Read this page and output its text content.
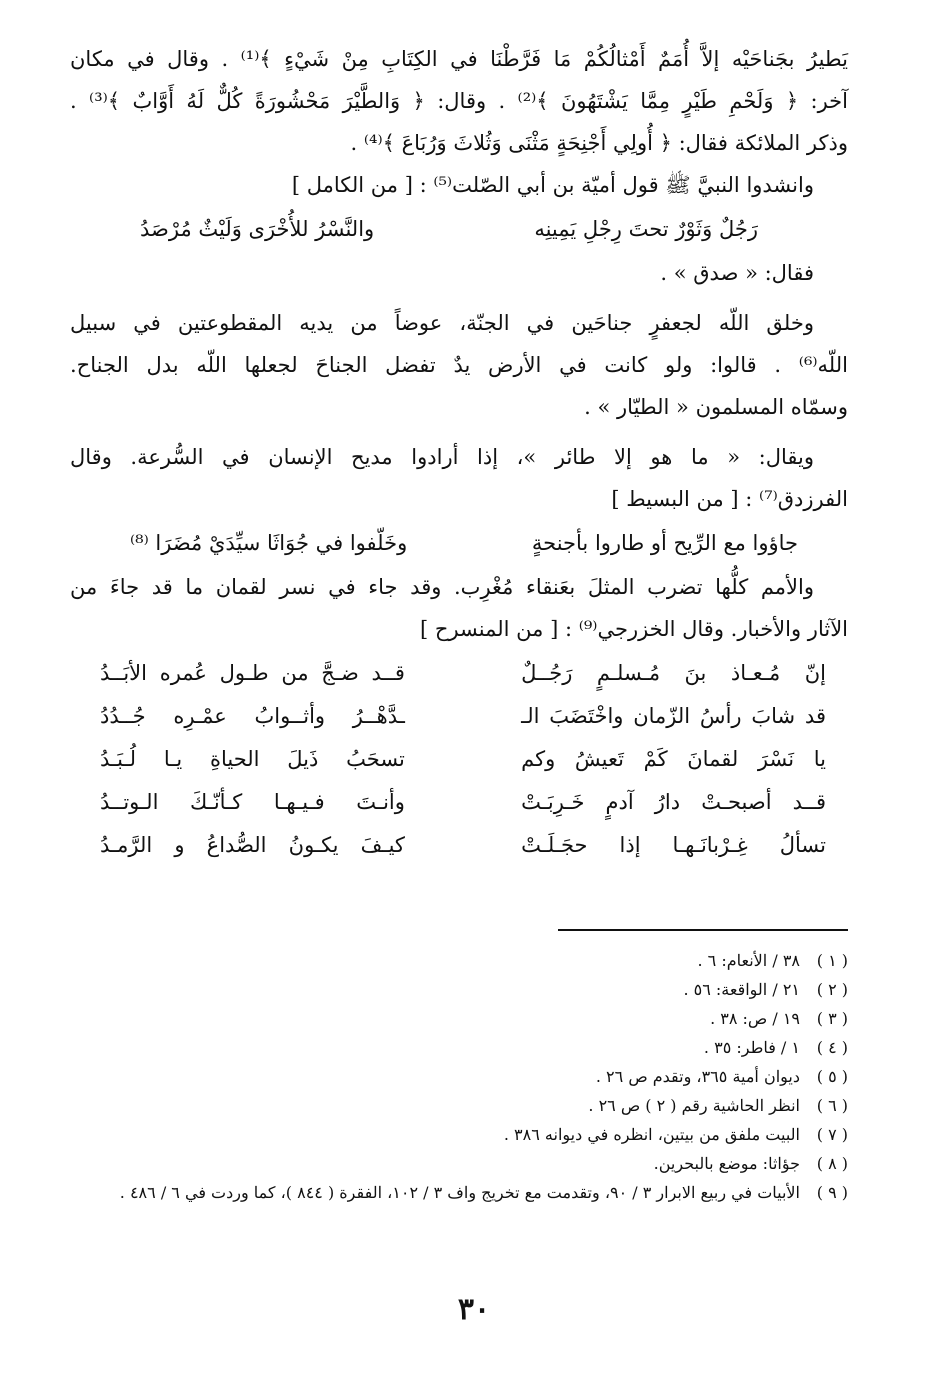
يَطيرُ بجَناحَيْه إلاَّ أُمَمٌ أَمْثالُكُمْ مَا فَرَّطْنَا في الكِتَابِ مِنْ شَيْءٍ ﴾⁽¹⁾ . وقال في مكان
آخر: ﴿ وَلَحْمِ طَيْرٍ مِمَّا يَشْتَهُونَ ﴾⁽²⁾ . وقال: ﴿ وَالطَّيْرَ مَحْشُورَةً كُلٌّ لَهُ أَوَّابٌ ﴾⁽³⁾ .
وذكر الملائكة فقال: ﴿ أُولِي أَجْنِحَةٍ مَثْنَى وَثُلاثَ وَرُبَاعَ ﴾⁽⁴⁾ .
وانشدوا النبيَّ ﷺ قول أميّة بن أبي الصّلت⁽⁵⁾ : [ من الكامل ]
رَجُلٌ وَثَوْرٌ تحتَ رِجْلِ يَمِينِه
والنَّسْرُ للأُخْرَى وَلَيْثٌ مُرْصَدُ
فقال: « صدق » .
وخلق اللّه لجعفرٍ جناحَين في الجنّة، عوضاً من يديه المقطوعتين في سبيل
اللّه⁽⁶⁾ . قالوا: ولو كانت في الأرض يدٌ تفضل الجناحَ لجعلها اللّه بدل الجناح.
وسمّاه المسلمون « الطيّار » .
ويقال: « ما هو إلا طائر »، إذا أرادوا مديح الإنسان في السُّرعة. وقال
الفرزدق⁽⁷⁾ : [ من البسيط ]
جاؤوا مع الرِّيح أو طاروا بأجنحةٍ
وخَلّفوا في جُوَاثَا سيِّدَيْ مُضَرَا ⁽⁸⁾
والأمم كلُّها تضرب المثلَ بعَنقاء مُغْرِب. وقد جاء في نسر لقمان ما قد جاءَ من
الآثار والأخبار. وقال الخزرجي⁽⁹⁾ : [ من المنسرح ]
إنّ مُـعـاذ بنَ مُـسلـمٍ رَجُــلٌ
قــد ضـجَّ من طـول عُمره الأبَــدُ
قد شابَ رأسُ الزّمان واخْتَضَبَ الـ
ـدَّهْــرُ وأثــوابُ عمْـرِه جُــدُدُ
يا نَسْرَ لقمانَ كَمْ تَعيشُ وكم
تسحَبُ ذَيلَ الحياةِ يـا لُـبَـدُ
قــد أصبحـتْ دارُ آدمٍ خَـرِبَـتْ
وأنـتَ فـيـهـا كـأنّـكَ الـوتــدُ
تسألُ غِـرْبانَـهـا إذا حجَـلَـتْ
كيـفَ يكـونُ الصُّداعُ و الرَّمـدُ
( ١ )
٣٨ / الأنعام: ٦ .
( ٢ )
٢١ / الواقعة: ٥٦ .
( ٣ )
١٩ / ص: ٣٨ .
( ٤ )
١ / فاطر: ٣٥ .
( ٥ )
ديوان أمية ٣٦٥، وتقدم ص ٢٦ .
( ٦ )
انظر الحاشية رقم ( ٢ ) ص ٢٦ .
( ٧ )
البيت ملفق من بيتين، انظره في ديوانه ٣٨٦ .
( ٨ )
جؤاثا: موضع بالبحرين.
( ٩ )
الأبيات في ربيع الابرار ٣ / ٩٠، وتقدمت مع تخريج واف ٣ / ١٠٢، الفقرة ( ٨٤٤ )، كما وردت في ٦ / ٤٨٦ .
٣٠
